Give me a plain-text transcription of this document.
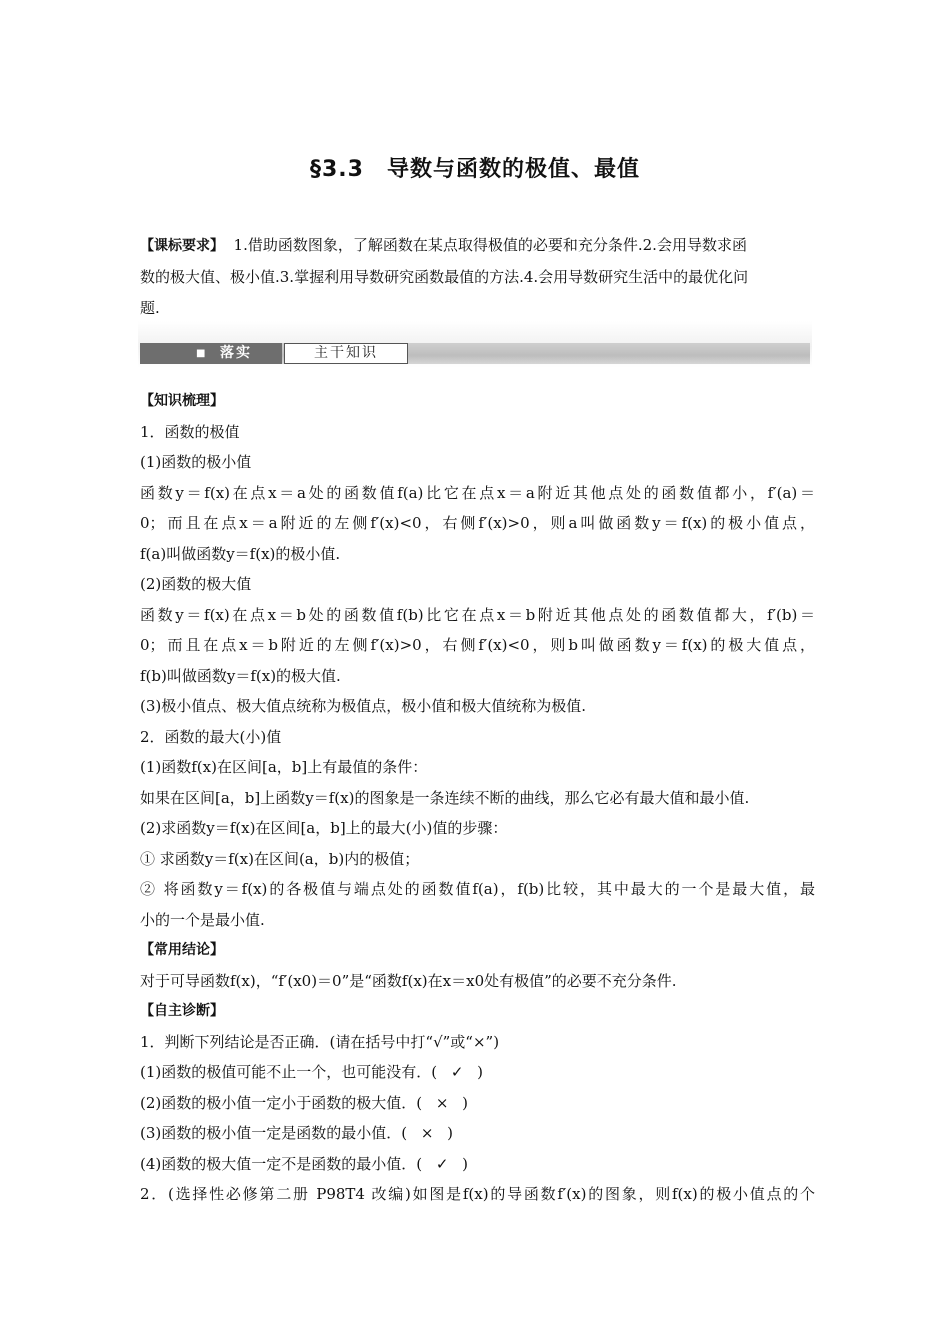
§3.3　导数与函数的极值、最值
【课标要求】 1.借助函数图象，了解函数在某点取得极值的必要和充分条件.2.会用导数求函
数的极大值、极小值.3.掌握利用导数研究函数最值的方法.4.会用导数研究生活中的最优化问
题.
■ 落实	主干知识
【知识梳理】
1．函数的极值
(1)函数的极小值
函数y＝f(x)在点x＝a处的函数值f(a)比它在点x＝a附近其他点处的函数值都小，f′(a)＝
0；而且在点x＝a附近的左侧f′(x)<0，右侧f′(x)>0，则a叫做函数y＝f(x)的极小值点，
f(a)叫做函数y＝f(x)的极小值.
(2)函数的极大值
函数y＝f(x)在点x＝b处的函数值f(b)比它在点x＝b附近其他点处的函数值都大，f′(b)＝
0；而且在点x＝b附近的左侧f′(x)>0，右侧f′(x)<0，则b叫做函数y＝f(x)的极大值点，
f(b)叫做函数y＝f(x)的极大值.
(3)极小值点、极大值点统称为极值点，极小值和极大值统称为极值.
2．函数的最大(小)值
(1)函数f(x)在区间[a，b]上有最值的条件：
如果在区间[a，b]上函数y＝f(x)的图象是一条连续不断的曲线，那么它必有最大值和最小值.
(2)求函数y＝f(x)在区间[a，b]上的最大(小)值的步骤：
① 求函数y＝f(x)在区间(a，b)内的极值；
② 将函数y＝f(x)的各极值与端点处的函数值f(a)，f(b)比较，其中最大的一个是最大值，最
小的一个是最小值.
【常用结论】
对于可导函数f(x)，“f′(x0)＝0”是“函数f(x)在x＝x0处有极值”的必要不充分条件.
【自主诊断】
1．判断下列结论是否正确．(请在括号中打“√”或“×”)
(1)函数的极值可能不止一个，也可能没有．( ✓ )
(2)函数的极小值一定小于函数的极大值．( × )
(3)函数的极小值一定是函数的最小值．( × )
(4)函数的极大值一定不是函数的最小值．( ✓ )
2．(选择性必修第二册 P98T4 改编)如图是f(x)的导函数f′(x)的图象，则f(x)的极小值点的个
